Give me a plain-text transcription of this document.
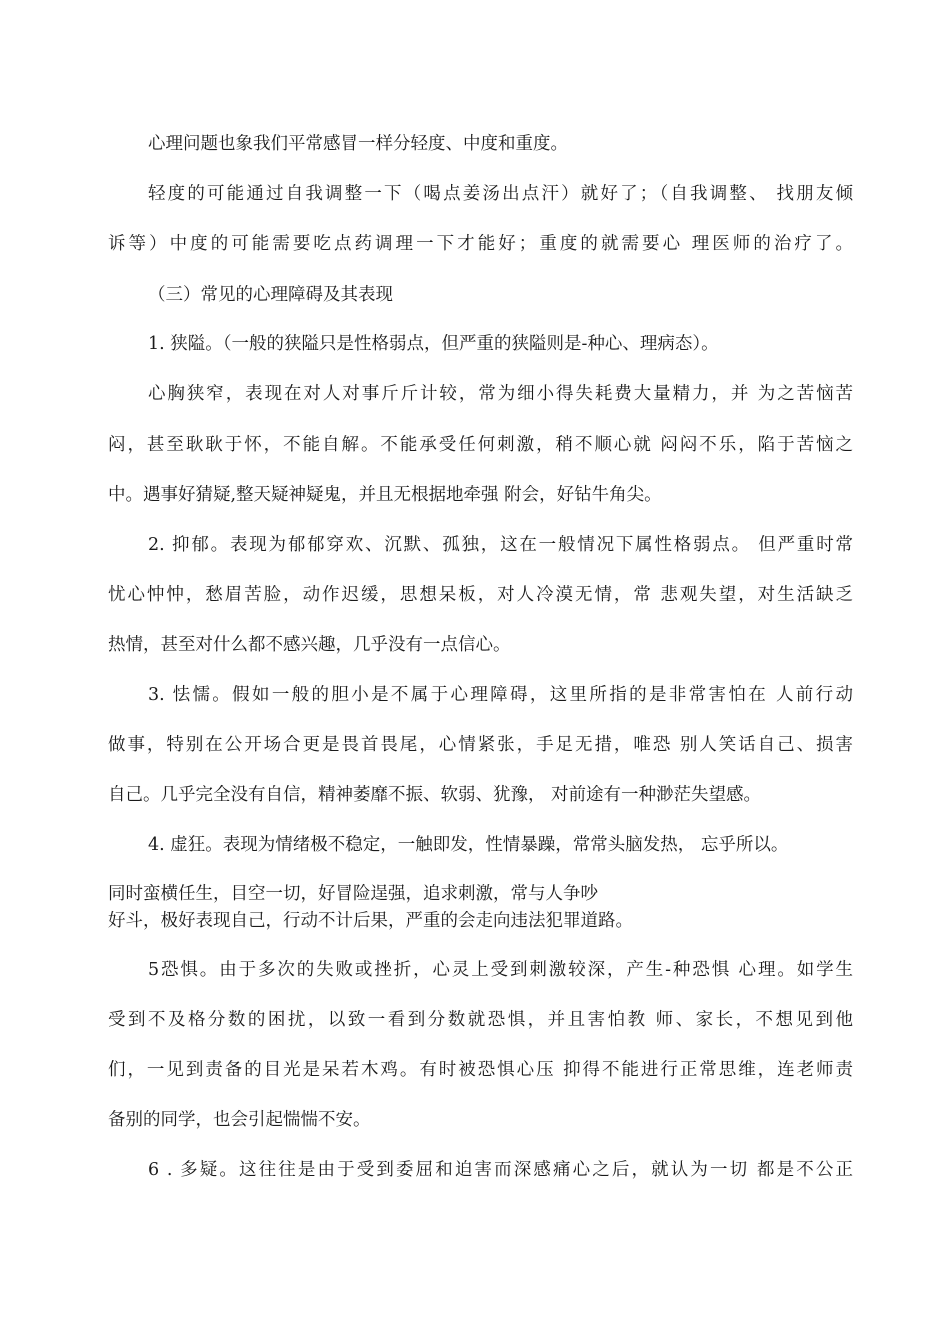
心理问题也象我们平常感冒一样分轻度、中度和重度。
轻度的可能通过自我调整一下（喝点姜汤出点汗）就好了；（自我调整、 找朋友倾
诉等）中度的可能需要吃点药调理一下才能好；重度的就需要心 理医师的治疗了。
（三）常见的心理障碍及其表现
1. 狭隘。（一般的狭隘只是性格弱点，但严重的狭隘则是-种心、理病态）。
心胸狭窄，表现在对人对事斤斤计较，常为细小得失耗费大量精力，并 为之苦恼苦
闷，甚至耿耿于怀，不能自解。不能承受任何刺激，稍不顺心就 闷闷不乐，陷于苦恼之
中。遇事好猜疑,整天疑神疑鬼，并且无根据地牵强 附会，好钻牛角尖。
2. 抑郁。表现为郁郁穿欢、沉默、孤独，这在一般情况下属性格弱点。 但严重时常
忧心忡忡，愁眉苦脸，动作迟缓，思想呆板，对人冷漠无情，常 悲观失望，对生活缺乏
热情，甚至对什么都不感兴趣，几乎没有一点信心。
3. 怯懦。假如一般的胆小是不属于心理障碍，这里所指的是非常害怕在 人前行动
做事，特别在公开场合更是畏首畏尾，心情紧张，手足无措，唯恐 别人笑话自己、损害
自己。几乎完全没有自信，精神萎靡不振、软弱、犹豫， 对前途有一种渺茫失望感。
4. 虚狂。表现为情绪极不稳定，一触即发，性情暴躁，常常头脑发热， 忘乎所以。
同时蛮横任生，目空一切，好冒险逞强，追求刺激，常与人争吵
好斗，极好表现自己，行动不计后果，严重的会走向违法犯罪道路。
5恐惧。由于多次的失败或挫折，心灵上受到刺激较深，产生-种恐惧 心理。如学生
受到不及格分数的困扰，以致一看到分数就恐惧，并且害怕教 师、家长，不想见到他
们，一见到责备的目光是呆若木鸡。有时被恐惧心压 抑得不能进行正常思维，连老师责
备别的同学，也会引起惴惴不安。
6 . 多疑。这往往是由于受到委屈和迫害而深感痛心之后，就认为一切 都是不公正
